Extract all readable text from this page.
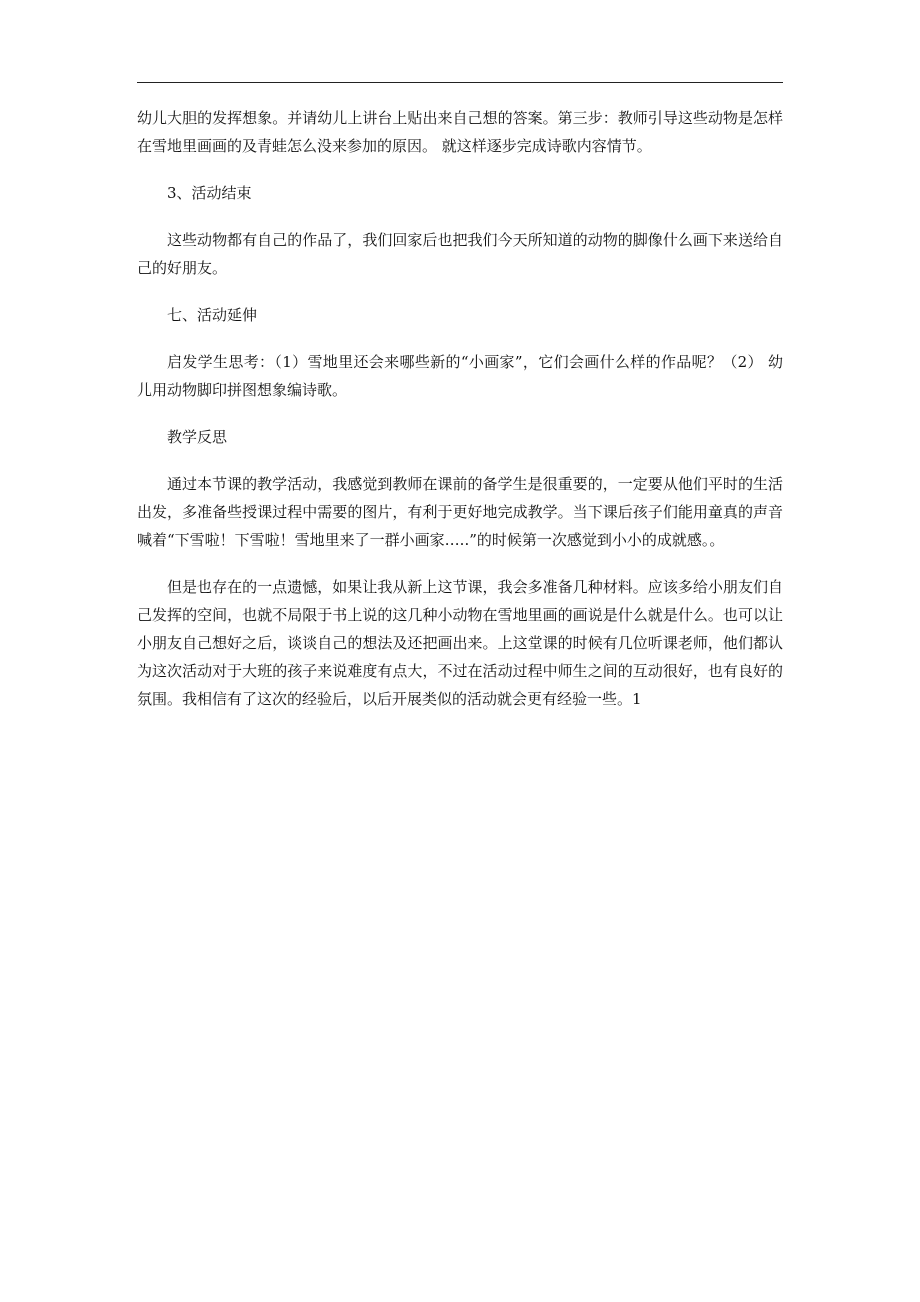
幼儿大胆的发挥想象。并请幼儿上讲台上贴出来自己想的答案。第三步：教师引导这些动物是怎样在雪地里画画的及青蛙怎么没来参加的原因。 就这样逐步完成诗歌内容情节。

3、活动结束

这些动物都有自己的作品了，我们回家后也把我们今天所知道的动物的脚像什么画下来送给自己的好朋友。

七、活动延伸

启发学生思考：（1）雪地里还会来哪些新的“小画家”，它们会画什么样的作品呢？（2） 幼儿用动物脚印拼图想象编诗歌。

教学反思

通过本节课的教学活动，我感觉到教师在课前的备学生是很重要的，一定要从他们平时的生活出发，多准备些授课过程中需要的图片，有利于更好地完成教学。当下课后孩子们能用童真的声音喊着“下雪啦！下雪啦！雪地里来了一群小画家…..”的时候第一次感觉到小小的成就感。。

但是也存在的一点遗憾，如果让我从新上这节课，我会多准备几种材料。应该多给小朋友们自己发挥的空间，也就不局限于书上说的这几种小动物在雪地里画的画说是什么就是什么。也可以让小朋友自己想好之后，谈谈自己的想法及还把画出来。上这堂课的时候有几位听课老师，他们都认为这次活动对于大班的孩子来说难度有点大，不过在活动过程中师生之间的互动很好，也有良好的氛围。我相信有了这次的经验后，以后开展类似的活动就会更有经验一些。1
